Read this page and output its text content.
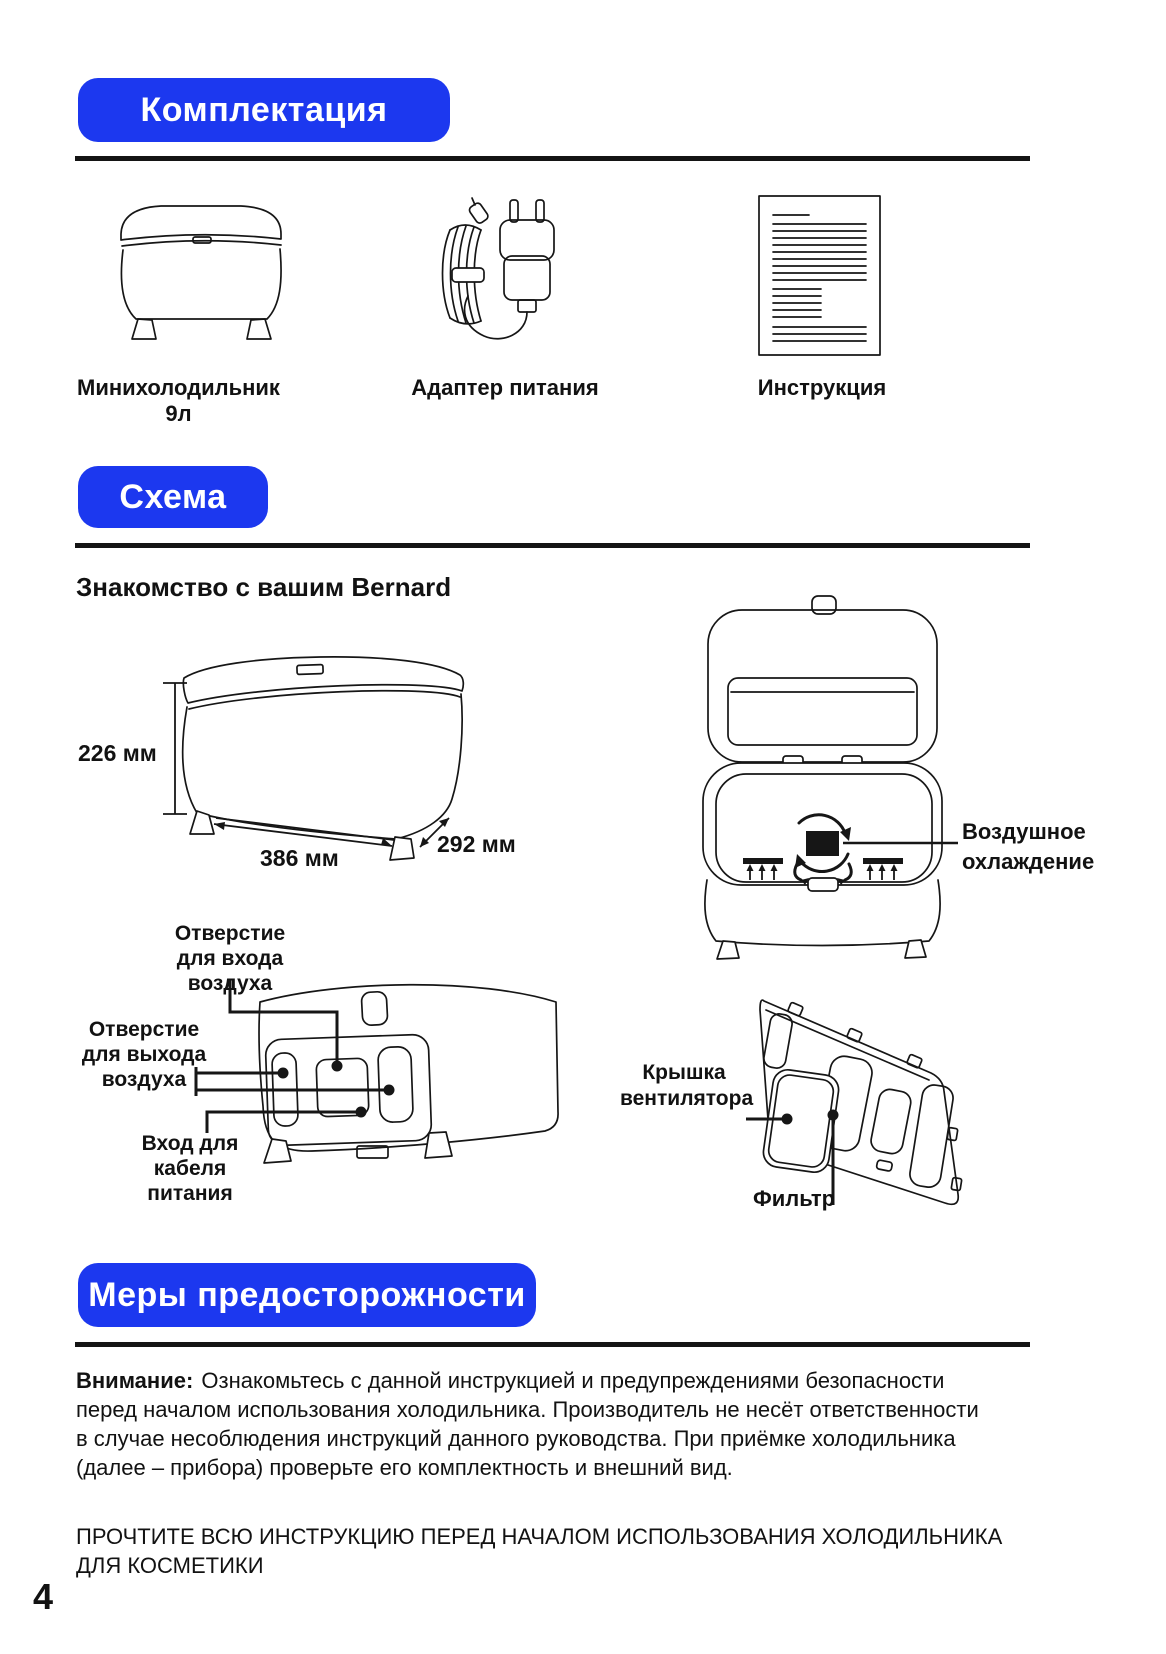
Комплектация
Минихолодильник 9л
Адаптер питания	Инструкция
Схема
Знакомство с вашим Bernard
226 мм
386 мм
292 мм	Воздушное
охлаждение
Отверстие
для входа воздуха
Отверстие
для выхода
воздуха
Вход для
кабеля питания
Крышка
вентилятора
Фильтр
Меры предосторожности

Внимание: Ознакомьтесь с данной инструкцией и предупреждениями безопасности перед началом использования холодильника. Производитель не несёт ответственности в случае несоблюдения инструкций данного руководства. При приёмке холодильника (далее – прибора) проверьте его комплектность и внешний вид.

ПРОЧТИТЕ ВСЮ ИНСТРУКЦИЮ ПЕРЕД НАЧАЛОМ ИСПОЛЬЗОВАНИЯ ХОЛОДИЛЬНИКА
ДЛЯ КОСМЕТИКИ
4
